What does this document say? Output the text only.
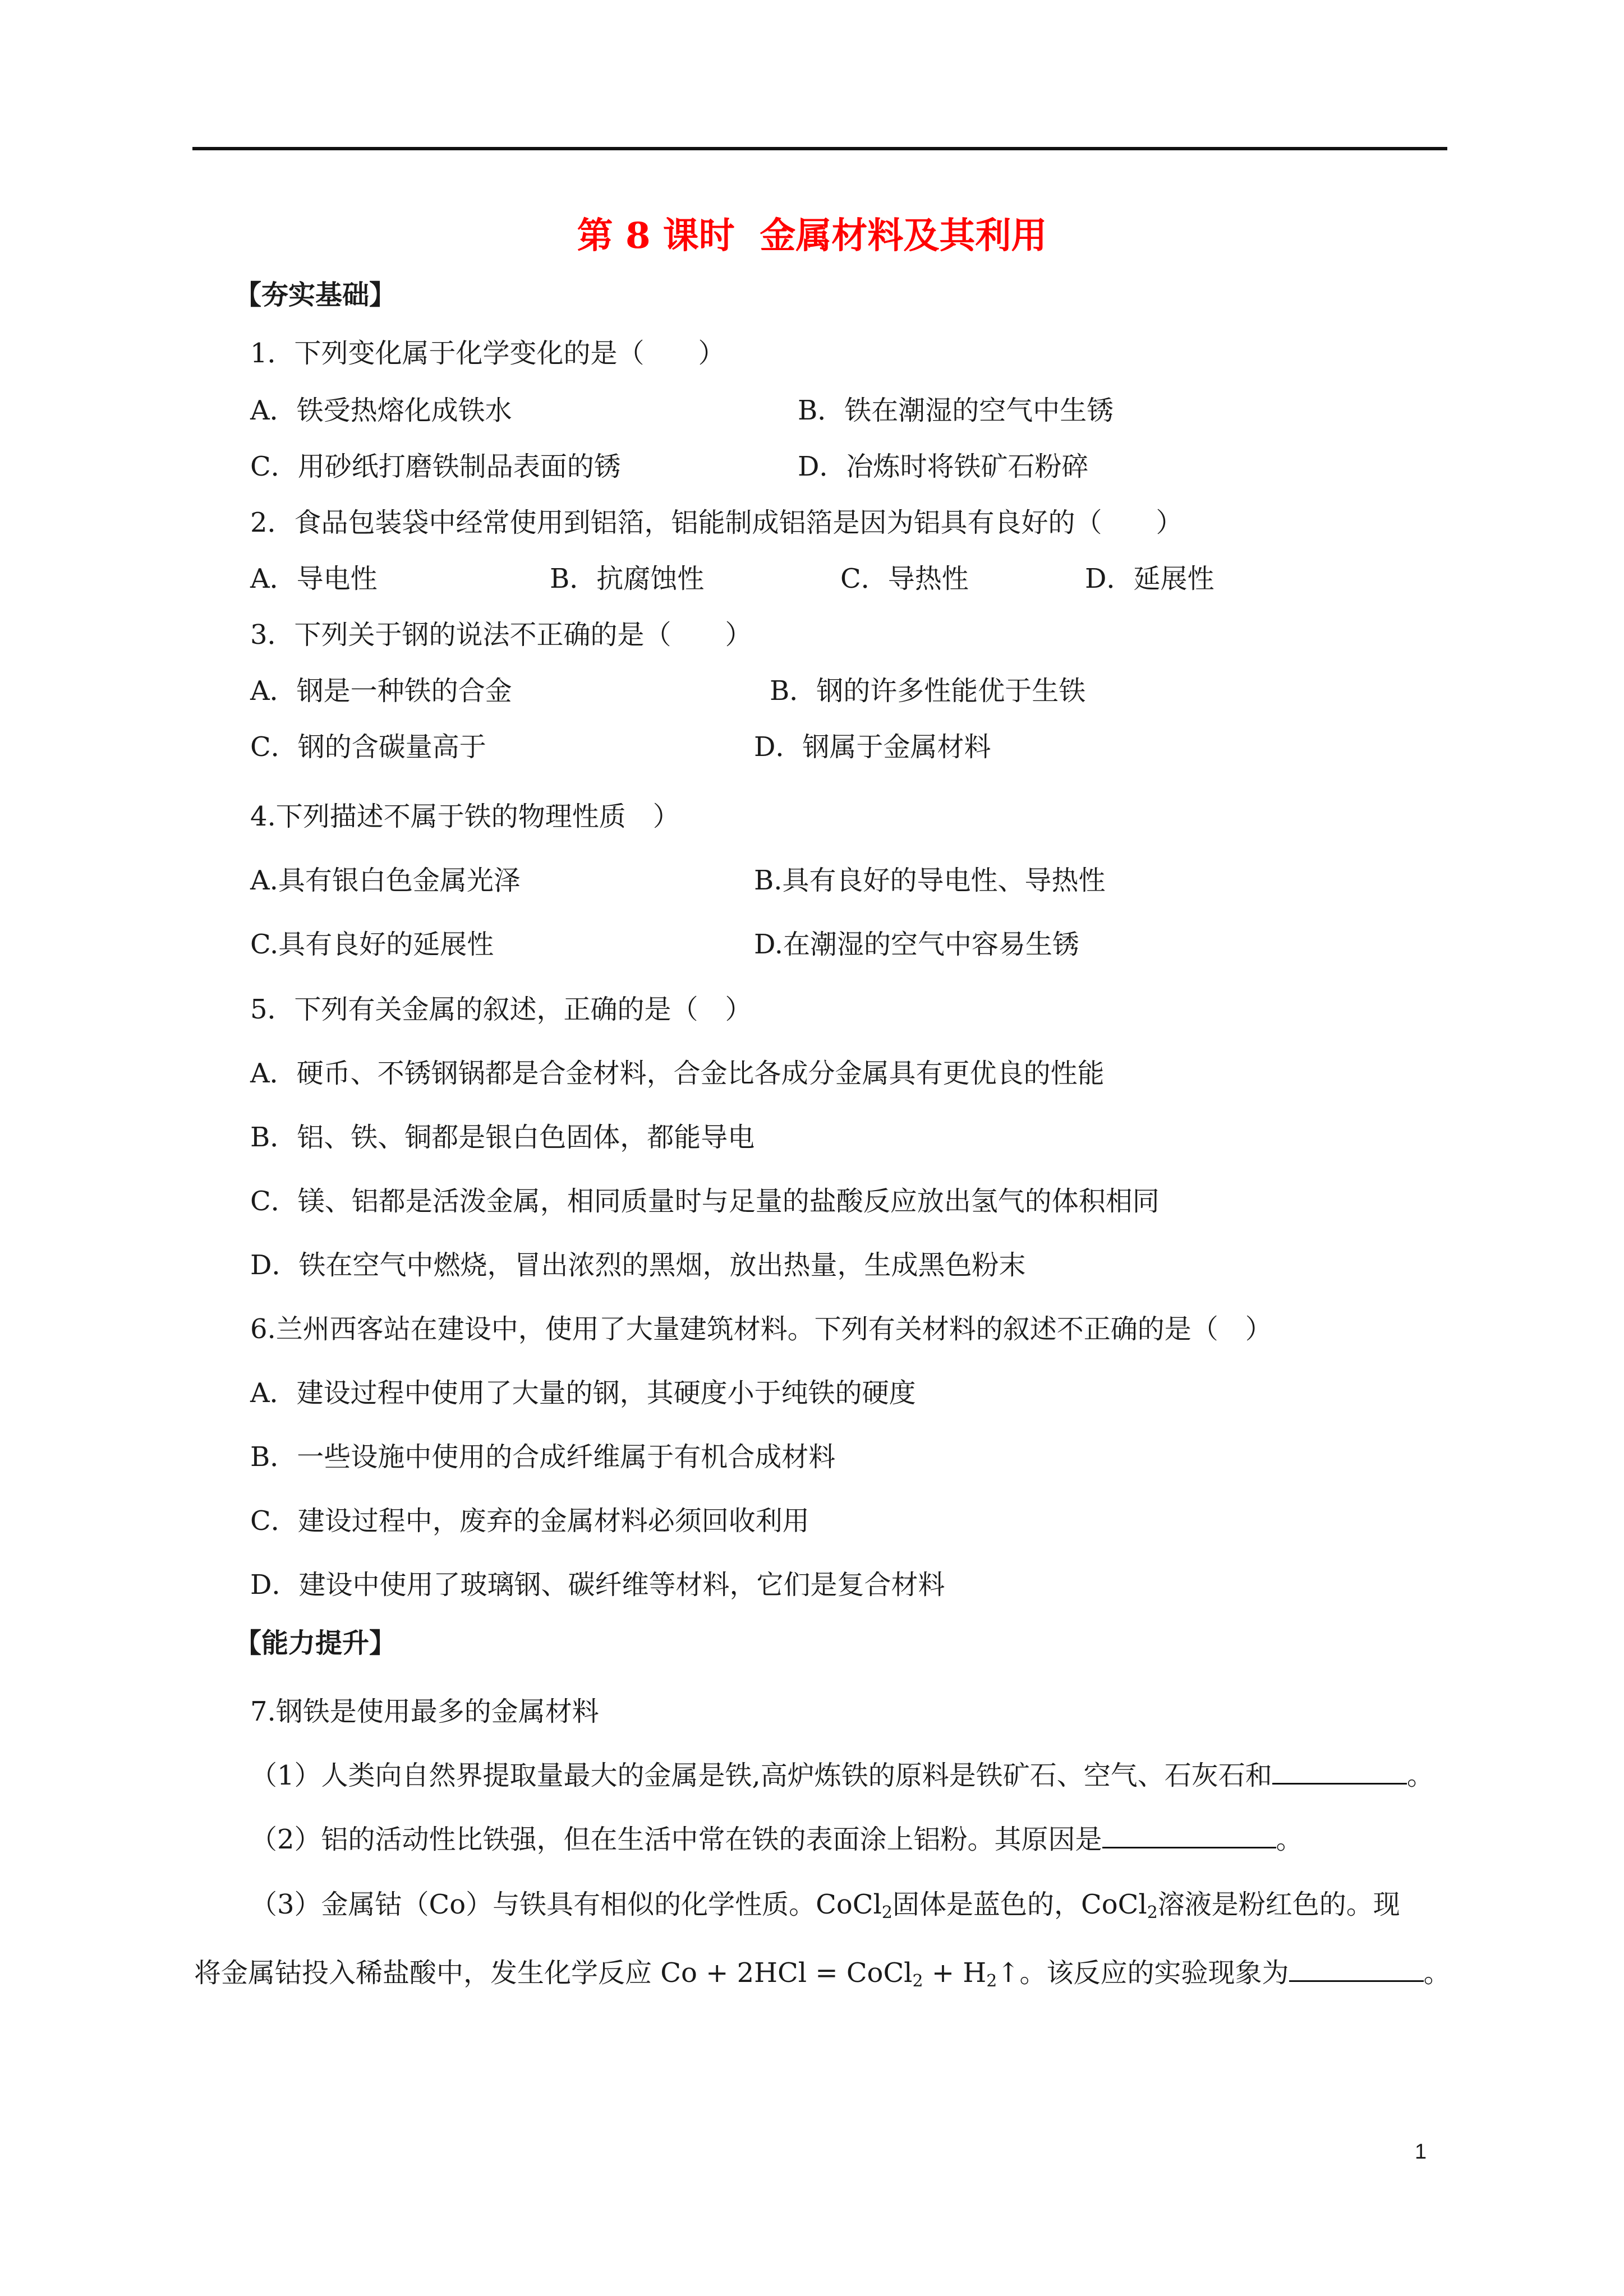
第 8 课时  金属材料及其利用
【夯实基础】
1．下列变化属于化学变化的是（　　）
A．铁受热熔化成铁水	B．铁在潮湿的空气中生锈
C．用砂纸打磨铁制品表面的锈	D．冶炼时将铁矿石粉碎
2．食品包装袋中经常使用到铝箔，铝能制成铝箔是因为铝具有良好的（　　）
A．导电性	B．抗腐蚀性	C．导热性	D．延展性
3．下列关于钢的说法不正确的是（　　）
A．钢是一种铁的合金	B．钢的许多性能优于生铁
C．钢的含碳量高于	D．钢属于金属材料
4.下列描述不属于铁的物理性质　）
A.具有银白色金属光泽	B.具有良好的导电性、导热性
C.具有良好的延展性	D.在潮湿的空气中容易生锈
5．下列有关金属的叙述，正确的是（　）
A．硬币、不锈钢锅都是合金材料，合金比各成分金属具有更优良的性能
B．铝、铁、铜都是银白色固体，都能导电
C．镁、铝都是活泼金属，相同质量时与足量的盐酸反应放出氢气的体积相同
D．铁在空气中燃烧，冒出浓烈的黑烟，放出热量，生成黑色粉末
6.兰州西客站在建设中，使用了大量建筑材料。下列有关材料的叙述不正确的是（　）
A．建设过程中使用了大量的钢，其硬度小于纯铁的硬度
B．一些设施中使用的合成纤维属于有机合成材料
C．建设过程中，废弃的金属材料必须回收利用
D．建设中使用了玻璃钢、碳纤维等材料，它们是复合材料
【能力提升】
7.钢铁是使用最多的金属材料
（1）人类向自然界提取量最大的金属是铁,高炉炼铁的原料是铁矿石、空气、石灰石和	。
（2）铝的活动性比铁强，但在生活中常在铁的表面涂上铝粉。其原因是	。
（3）金属钴（Co）与铁具有相似的化学性质。CoCl$_2$固体是蓝色的，CoCl$_2$溶液是粉红色的。现
将金属钴投入稀盐酸中，发生化学反应 Co + 2HCl = CoCl$_2$ + $H_2↑$。该反应的实验现象为	。
1
